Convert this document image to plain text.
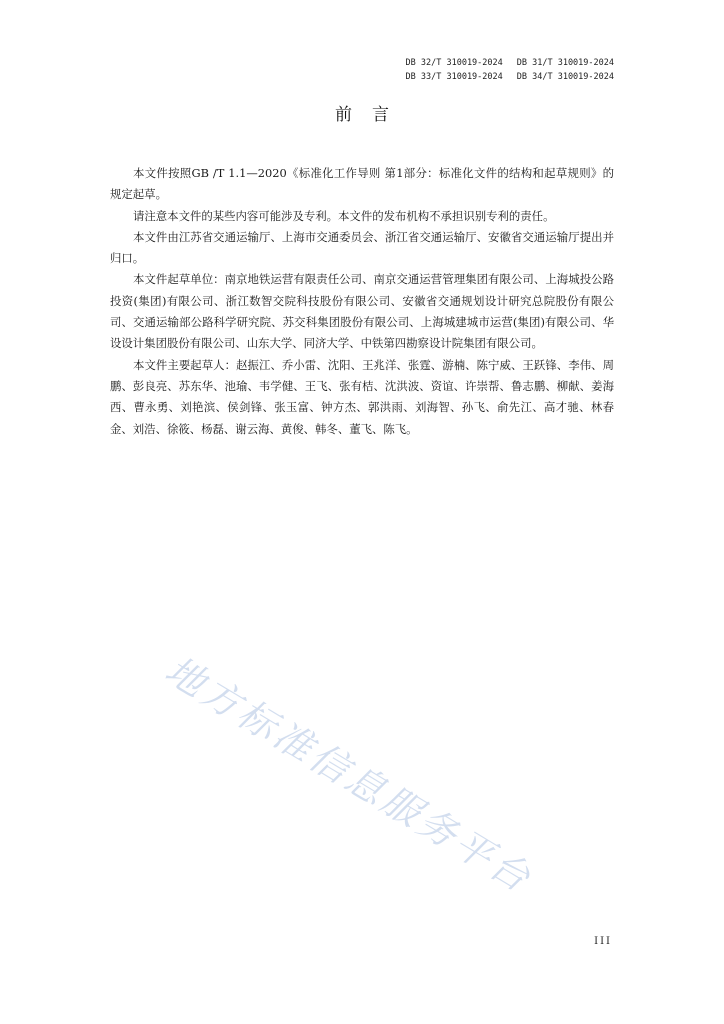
DB 32/T 310019-2024 DB 31/T 310019-2024
DB 33/T 310019-2024 DB 34/T 310019-2024
前言

本文件按照GB /T 1.1—2020《标准化工作导则 第1部分：标准化文件的结构和起草规则》的规定起草。

请注意本文件的某些内容可能涉及专利。本文件的发布机构不承担识别专利的责任。

本文件由江苏省交通运输厅、上海市交通委员会、浙江省交通运输厅、安徽省交通运输厅提出并归口。

本文件起草单位：南京地铁运营有限责任公司、南京交通运营管理集团有限公司、上海城投公路投资(集团)有限公司、浙江数智交院科技股份有限公司、安徽省交通规划设计研究总院股份有限公司、交通运输部公路科学研究院、苏交科集团股份有限公司、上海城建城市运营(集团)有限公司、华设设计集团股份有限公司、山东大学、同济大学、中铁第四勘察设计院集团有限公司。

本文件主要起草人：赵振江、乔小雷、沈阳、王兆洋、张霆、游楠、陈宁威、王跃锋、李伟、周鹏、彭良亮、苏东华、池瑜、韦学健、王飞、张有桔、沈洪波、资谊、许崇帮、鲁志鹏、柳献、姜海西、曹永勇、刘艳滨、侯剑锋、张玉富、钟方杰、郭洪雨、刘海智、孙飞、俞先江、高才驰、林春金、刘浩、徐筱、杨磊、谢云海、黄俊、韩冬、董飞、陈飞。

地方标准信息服务平台
III
